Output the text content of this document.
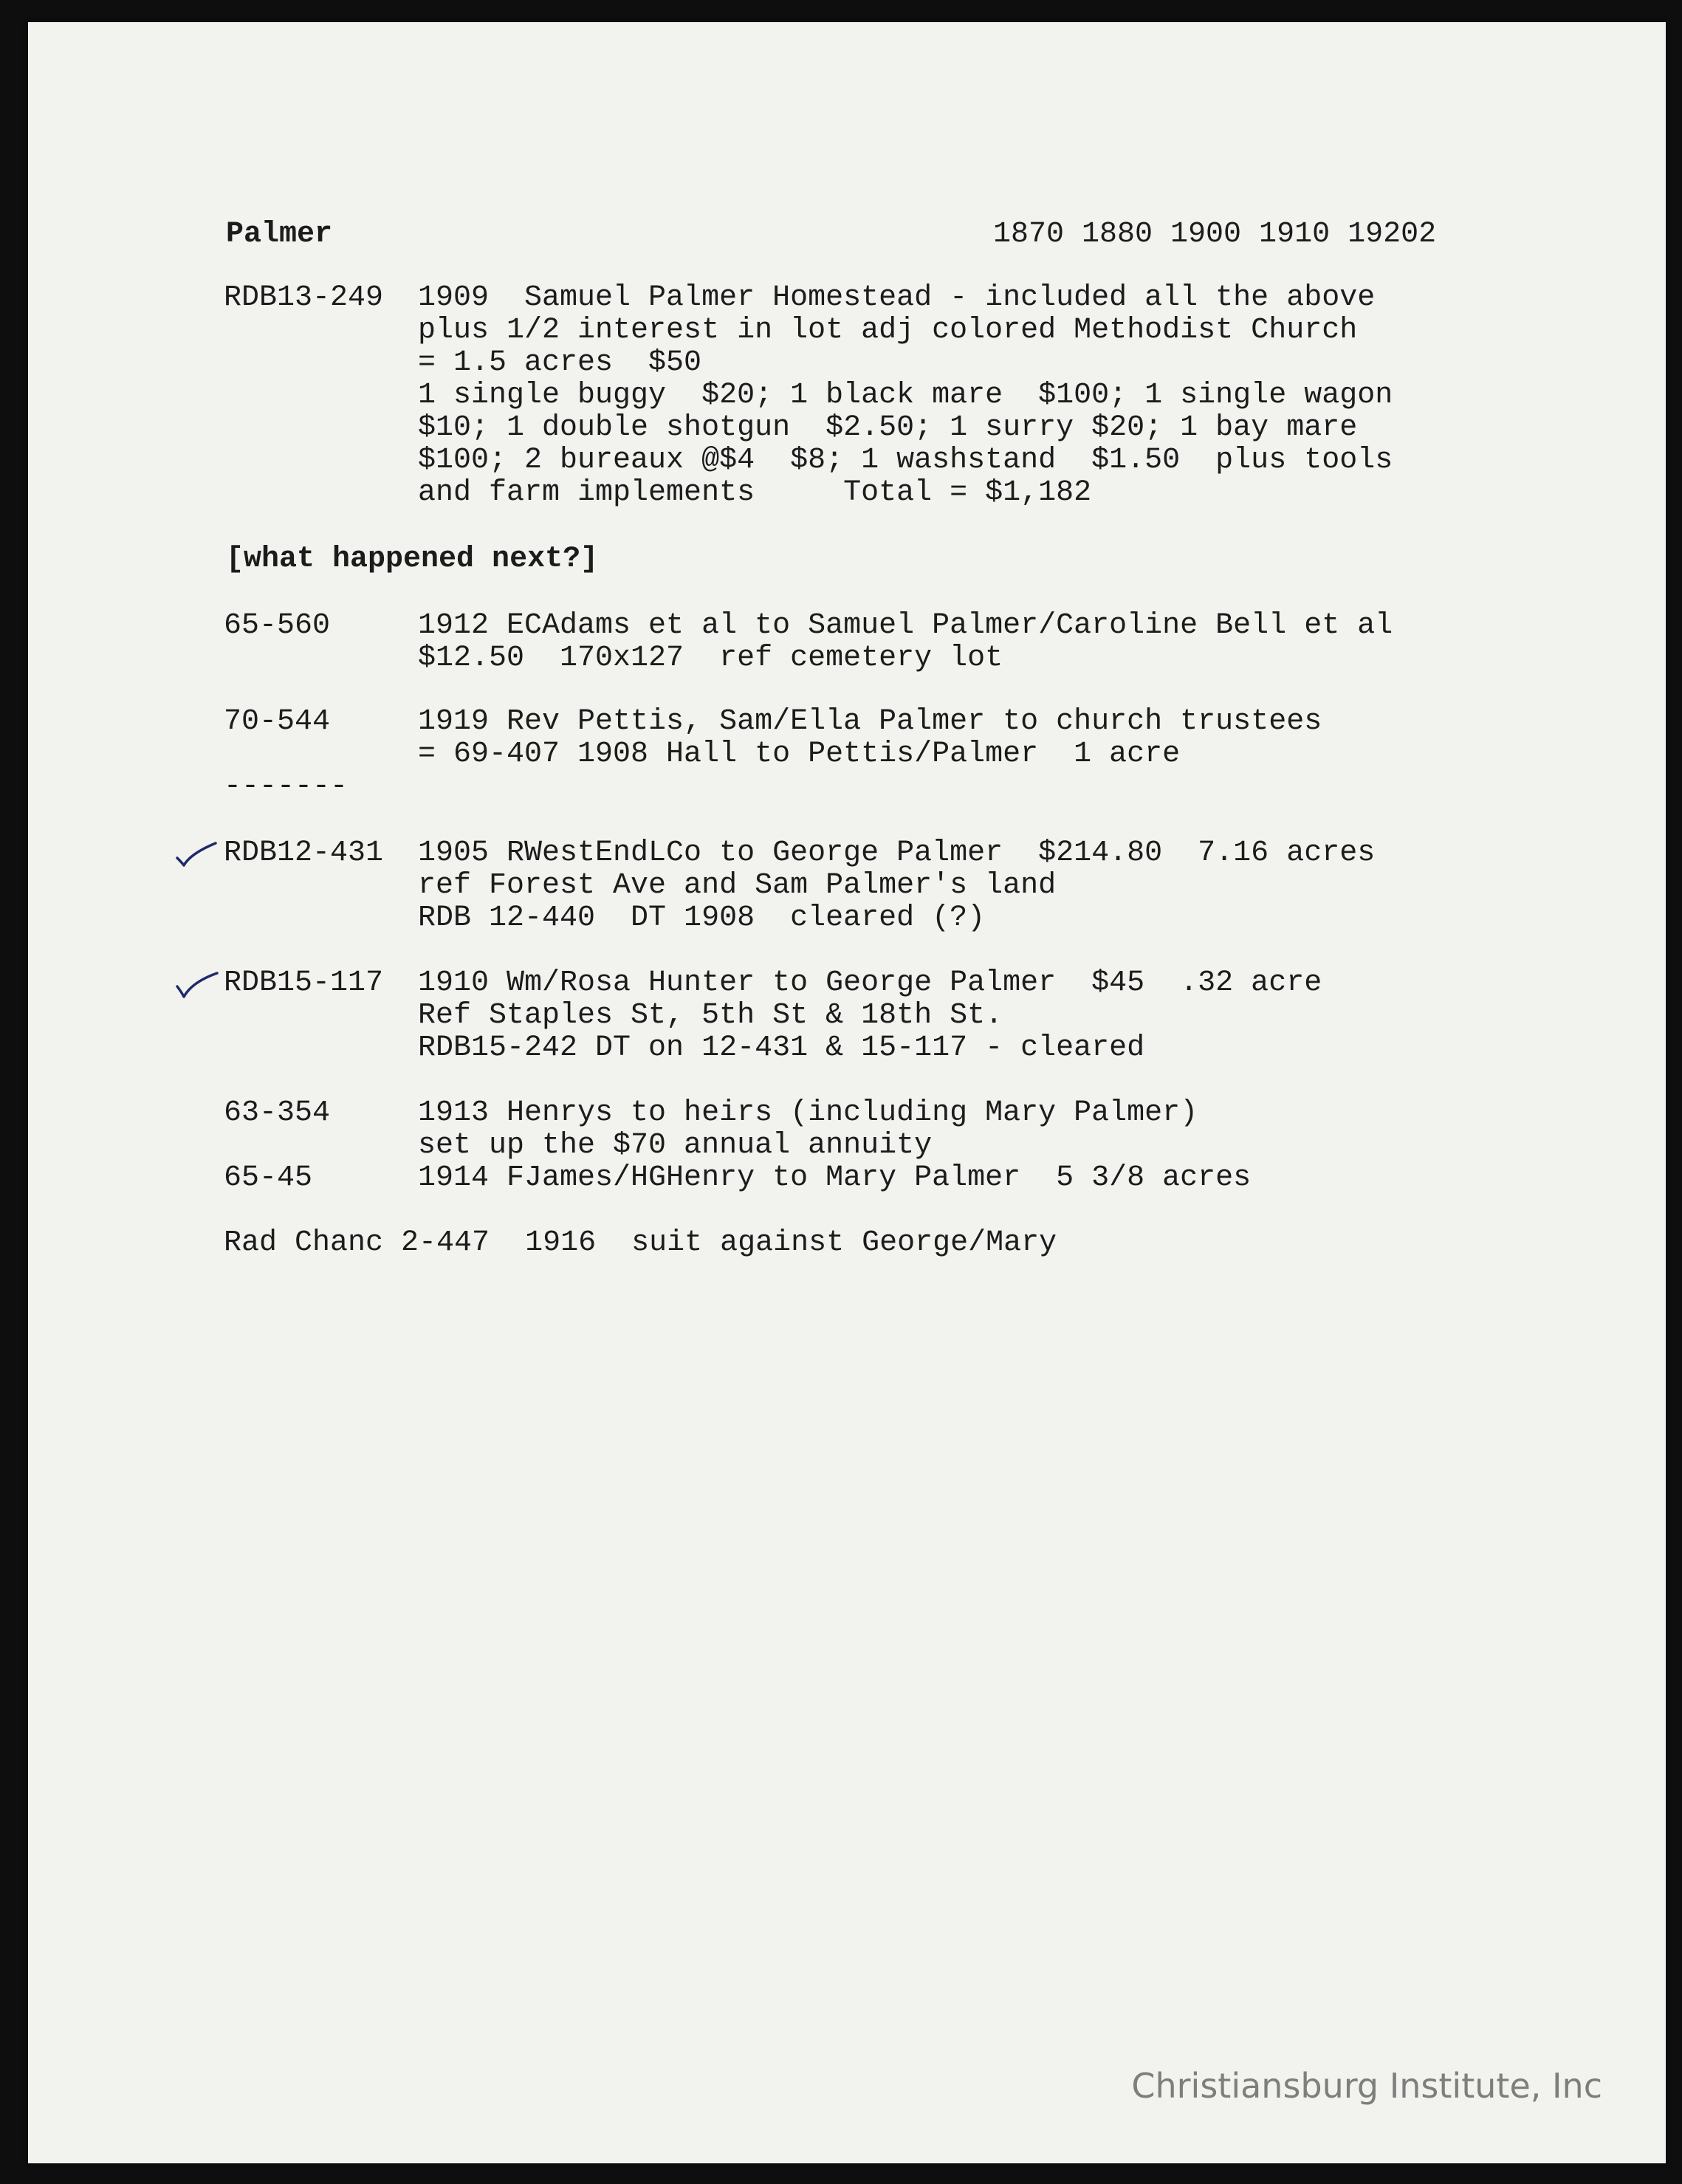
Palmer	1870 1880 1900 1910 19202
RDB13-249 1909  Samuel Palmer Homestead - included all the above
plus 1/2 interest in lot adj colored Methodist Church
= 1.5 acres  $50
1 single buggy  $20; 1 black mare  $100; 1 single wagon
$10; 1 double shotgun  $2.50; 1 surry $20; 1 bay mare
$100; 2 bureaux @$4  $8; 1 washstand  $1.50  plus tools
and farm implements     Total = $1,182
[what happened next?]
65-560	1912 ECAdams et al to Samuel Palmer/Caroline Bell et al
$12.50  170x127  ref cemetery lot
70-544	1919 Rev Pettis, Sam/Ella Palmer to church trustees
= 69-407 1908 Hall to Pettis/Palmer  1 acre
-------
RDB12-431 1905 RWestEndLCo to George Palmer  $214.80  7.16 acres
ref Forest Ave and Sam Palmer's land
RDB 12-440  DT 1908  cleared (?)
RDB15-117 1910 Wm/Rosa Hunter to George Palmer  $45  .32 acre
Ref Staples St, 5th St & 18th St.
RDB15-242 DT on 12-431 & 15-117 - cleared
63-354	1913 Henrys to heirs (including Mary Palmer)
set up the $70 annual annuity
65-45	1914 FJames/HGHenry to Mary Palmer  5 3/8 acres
Rad Chanc 2-447  1916  suit against George/Mary
Christiansburg Institute, Inc
